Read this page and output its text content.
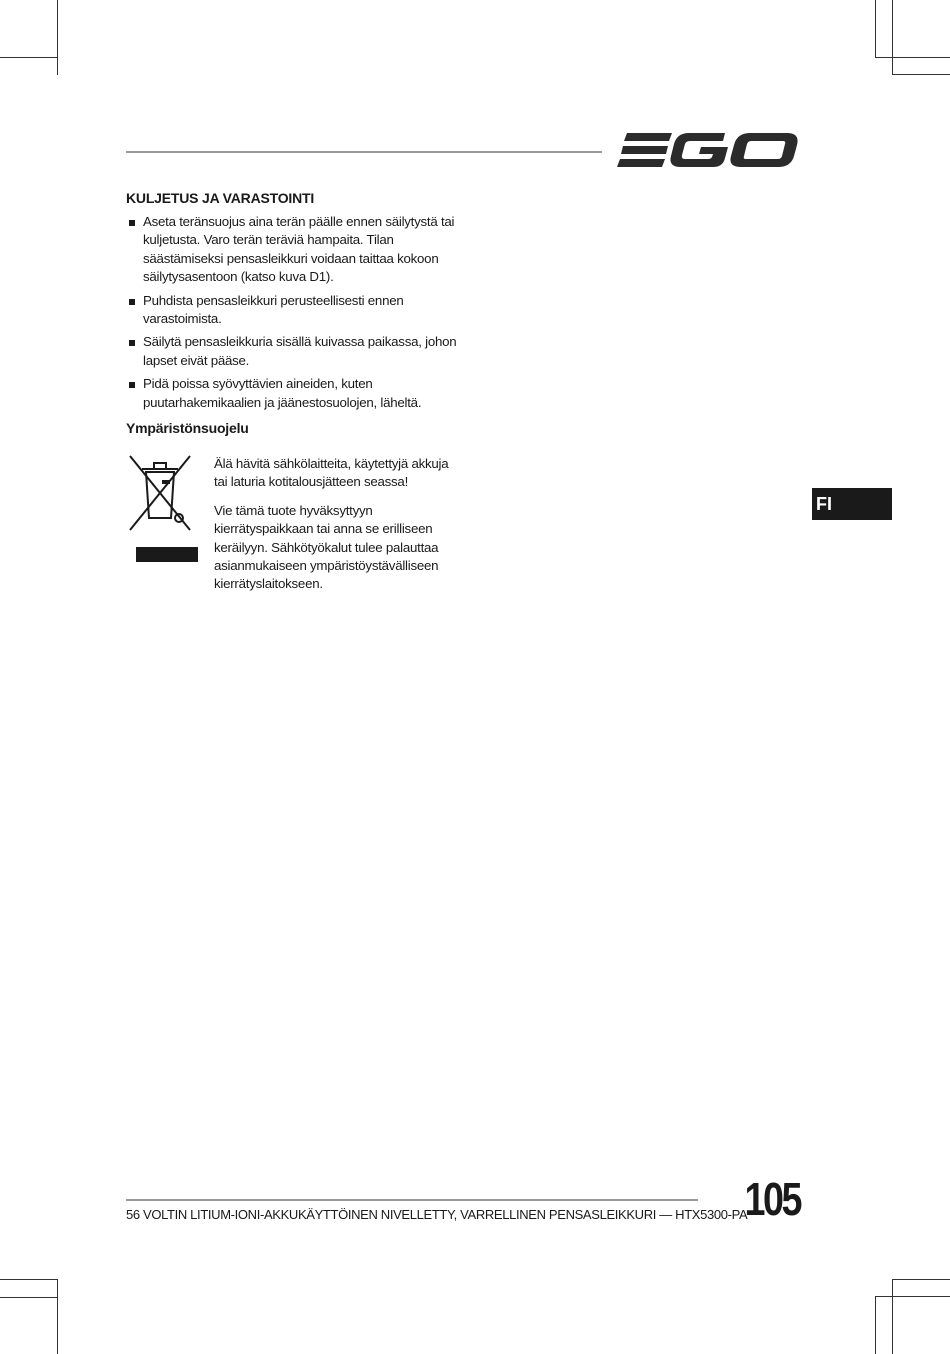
KULJETUS JA VARASTOINTI
Aseta teränsuojus aina terän päälle ennen säilytystä tai kuljetusta. Varo terän teräviä hampaita. Tilan säästämiseksi pensasleikkuri voidaan taittaa kokoon säilytysasentoon (katso kuva D1).
Puhdista pensasleikkuri perusteellisesti ennen varastoimista.
Säilytä pensasleikkuria sisällä kuivassa paikassa, johon lapset eivät pääse.
Pidä poissa syövyttävien aineiden, kuten puutarhakemikaalien ja jäänestosuolojen, läheltä.
Ympäristönsuojelu

Älä hävitä sähkölaitteita, käytettyjä akkuja tai laturia kotitalousjätteen seassa!

Vie tämä tuote hyväksyttyyn kierrätyspaikkaan tai anna se erilliseen keräilyyn. Sähkötyökalut tulee palauttaa asianmukaiseen ympäristöystävälliseen kierrätyslaitokseen.

FI
56 VOLTIN LITIUM-IONI-AKKUKÄYTTÖINEN NIVELLETTY, VARRELLINEN PENSASLEIKKURI — HTX5300-PA
105
